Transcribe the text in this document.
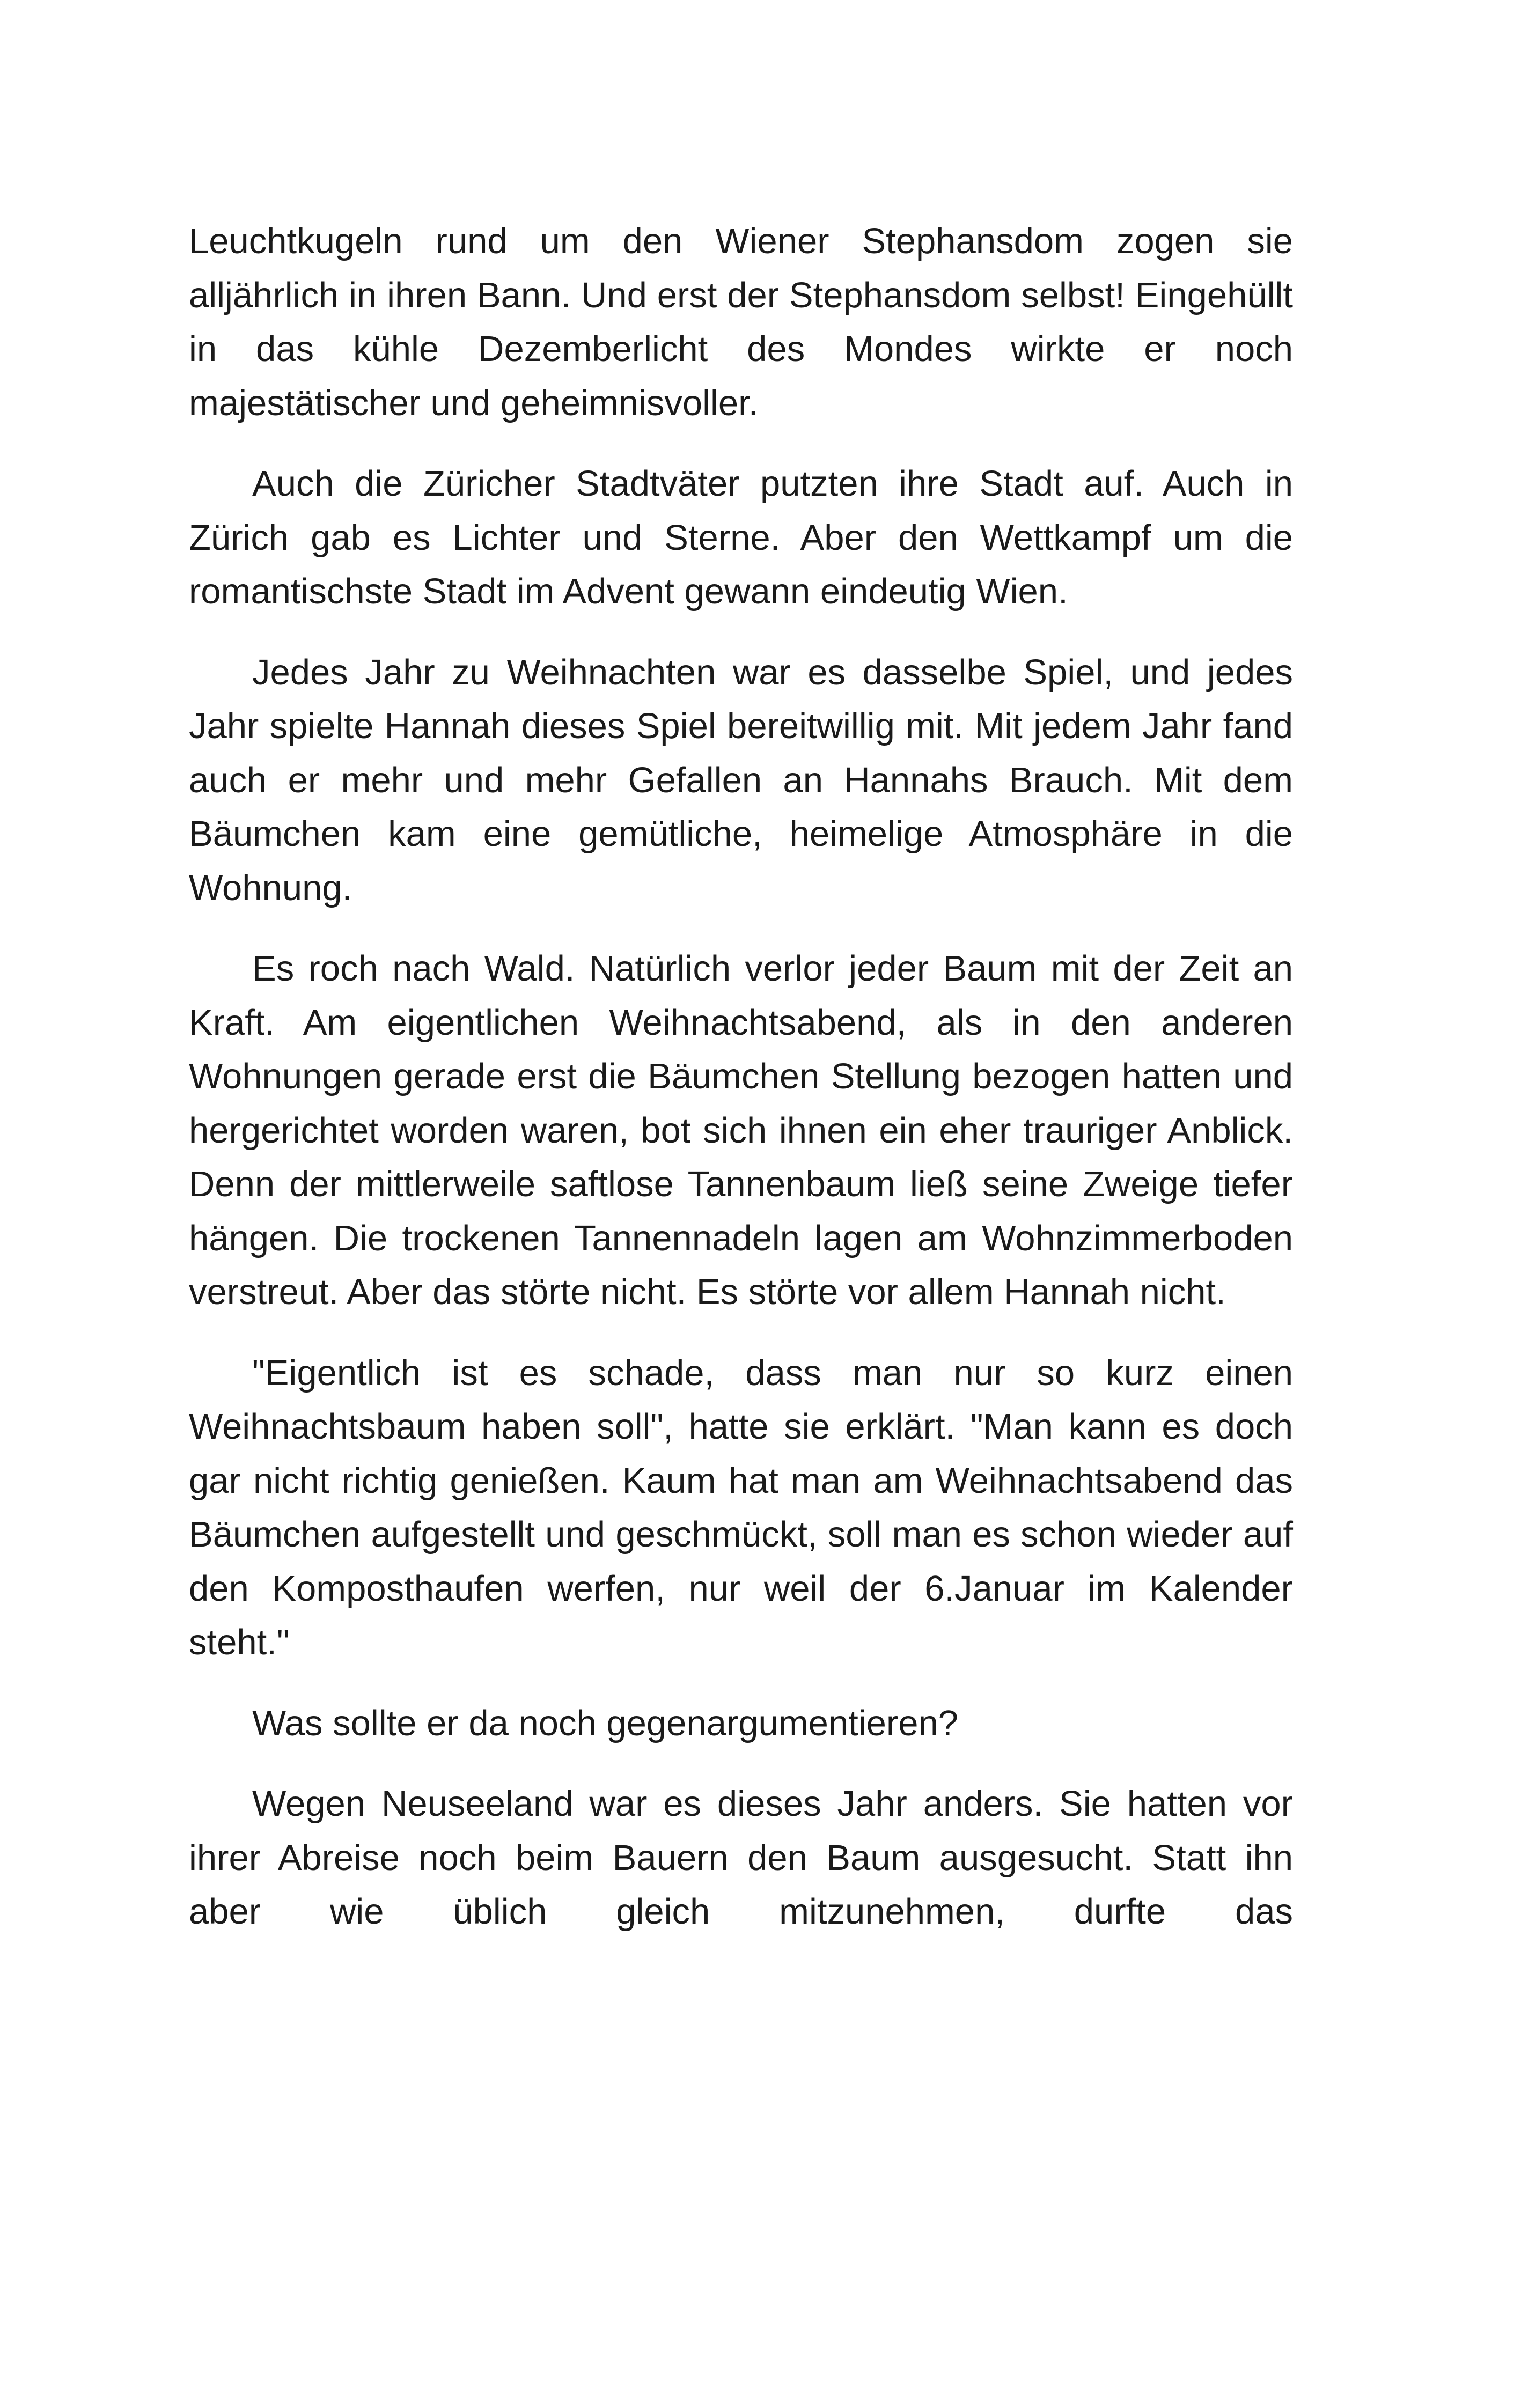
Leuchtkugeln rund um den Wiener Stephansdom zogen sie alljährlich in ihren Bann. Und erst der Stephansdom selbst! Eingehüllt in das kühle Dezemberlicht des Mondes wirkte er noch majestätischer und geheimnisvoller.

Auch die Züricher Stadtväter putzten ihre Stadt auf. Auch in Zürich gab es Lichter und Sterne. Aber den Wettkampf um die romantischste Stadt im Advent gewann eindeutig Wien.

Jedes Jahr zu Weihnachten war es dasselbe Spiel, und jedes Jahr spielte Hannah dieses Spiel bereitwillig mit. Mit jedem Jahr fand auch er mehr und mehr Gefallen an Hannahs Brauch. Mit dem Bäumchen kam eine gemütliche, heimelige Atmosphäre in die Wohnung.

Es roch nach Wald. Natürlich verlor jeder Baum mit der Zeit an Kraft. Am eigentlichen Weihnachtsabend, als in den anderen Wohnungen gerade erst die Bäumchen Stellung bezogen hatten und hergerichtet worden waren, bot sich ihnen ein eher trauriger Anblick. Denn der mittlerweile saftlose Tannenbaum ließ seine Zweige tiefer hängen. Die trockenen Tannennadeln lagen am Wohnzimmerboden verstreut. Aber das störte nicht. Es störte vor allem Hannah nicht.

"Eigentlich ist es schade, dass man nur so kurz einen Weihnachtsbaum haben soll", hatte sie erklärt. "Man kann es doch gar nicht richtig genießen. Kaum hat man am Weihnachtsabend das Bäumchen aufgestellt und geschmückt, soll man es schon wieder auf den Komposthaufen werfen, nur weil der 6.Januar im Kalender steht."

Was sollte er da noch gegenargumentieren?

Wegen Neuseeland war es dieses Jahr anders. Sie hatten vor ihrer Abreise noch beim Bauern den Baum ausgesucht. Statt ihn aber wie üblich gleich mitzunehmen, durfte das
